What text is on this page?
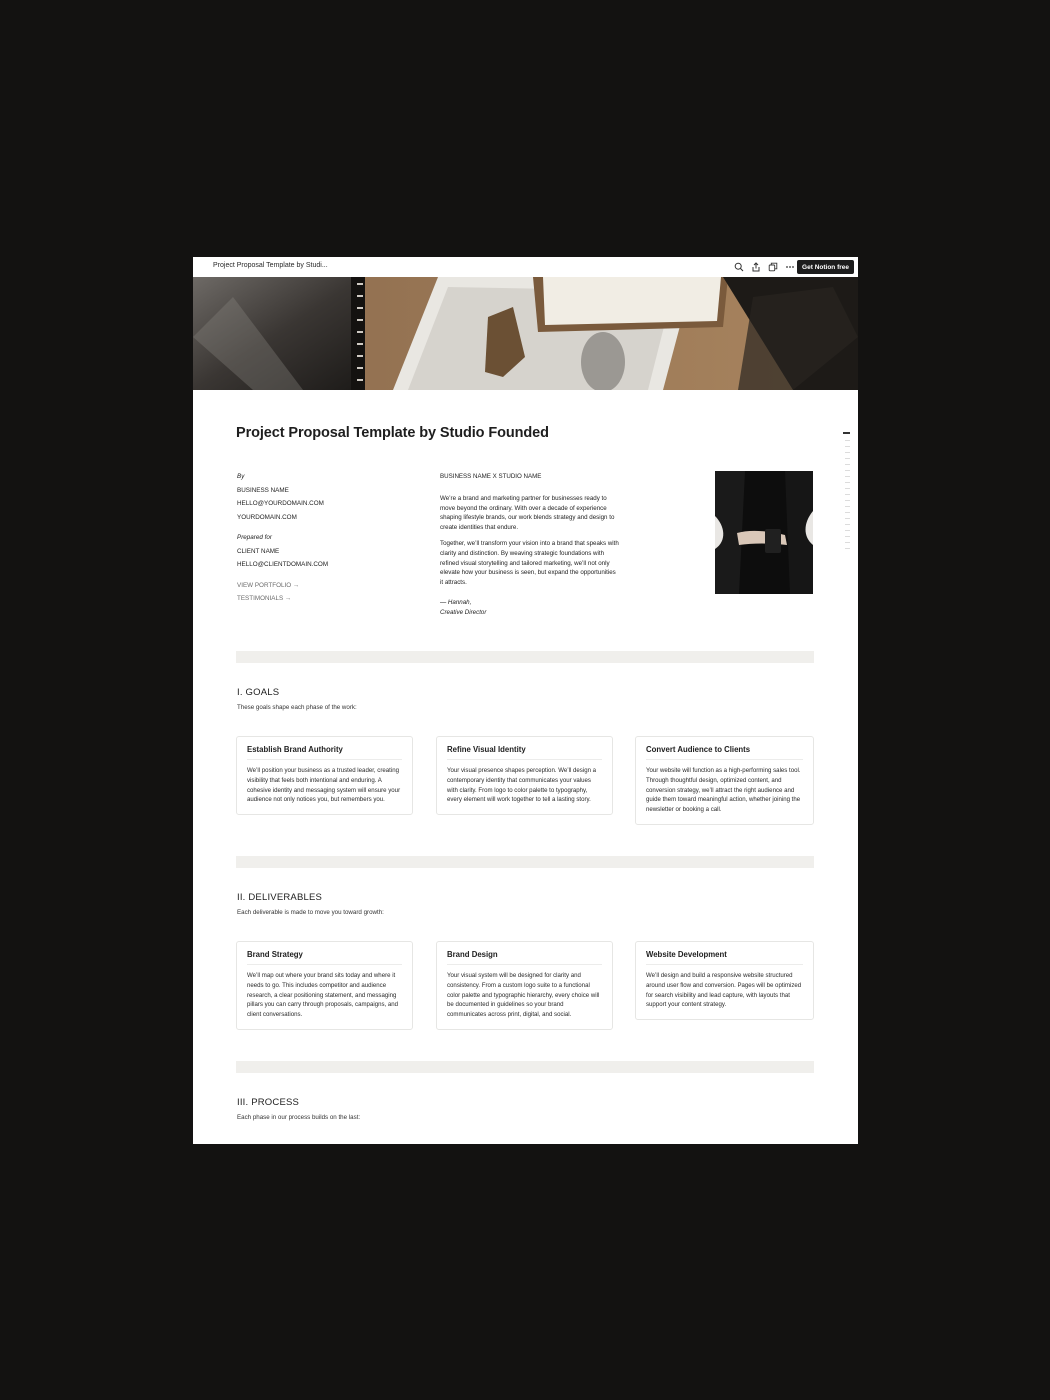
Project Proposal Template by Studi...	Get Notion free
Project Proposal Template by Studio Founded
By
BUSINESS NAME
HELLO@YOURDOMAIN.COM
YOURDOMAIN.COM
Prepared for
CLIENT NAME
HELLO@CLIENTDOMAIN.COM
VIEW PORTFOLIO →
TESTIMONIALS →

BUSINESS NAME X STUDIO NAME

We’re a brand and marketing partner for businesses ready to move beyond the ordinary. With over a decade of experience shaping lifestyle brands, our work blends strategy and design to create identities that endure.

Together, we’ll transform your vision into a brand that speaks with clarity and distinction. By weaving strategic foundations with refined visual storytelling and tailored marketing, we’ll not only elevate how your business is seen, but expand the opportunities it attracts.

— Hannah,
Creative Director
I. GOALS
These goals shape each phase of the work:
Establish Brand Authority
We’ll position your business as a trusted leader, creating visibility that feels both intentional and enduring. A cohesive identity and messaging system will ensure your audience not only notices you, but remembers you.
Refine Visual Identity
Your visual presence shapes perception. We’ll design a contemporary identity that communicates your values with clarity. From logo to color palette to typography, every element will work together to tell a lasting story.
Convert Audience to Clients
Your website will function as a high-performing sales tool. Through thoughtful design, optimized content, and conversion strategy, we’ll attract the right audience and guide them toward meaningful action, whether joining the newsletter or booking a call.
II. DELIVERABLES
Each deliverable is made to move you toward growth:
Brand Strategy
We’ll map out where your brand sits today and where it needs to go. This includes competitor and audience research, a clear positioning statement, and messaging pillars you can carry through proposals, campaigns, and client conversations.
Brand Design
Your visual system will be designed for clarity and consistency. From a custom logo suite to a functional color palette and typographic hierarchy, every choice will be documented in guidelines so your brand communicates across print, digital, and social.
Website Development
We’ll design and build a responsive website structured around user flow and conversion. Pages will be optimized for search visibility and lead capture, with layouts that support your content strategy.
III. PROCESS
Each phase in our process builds on the last:
